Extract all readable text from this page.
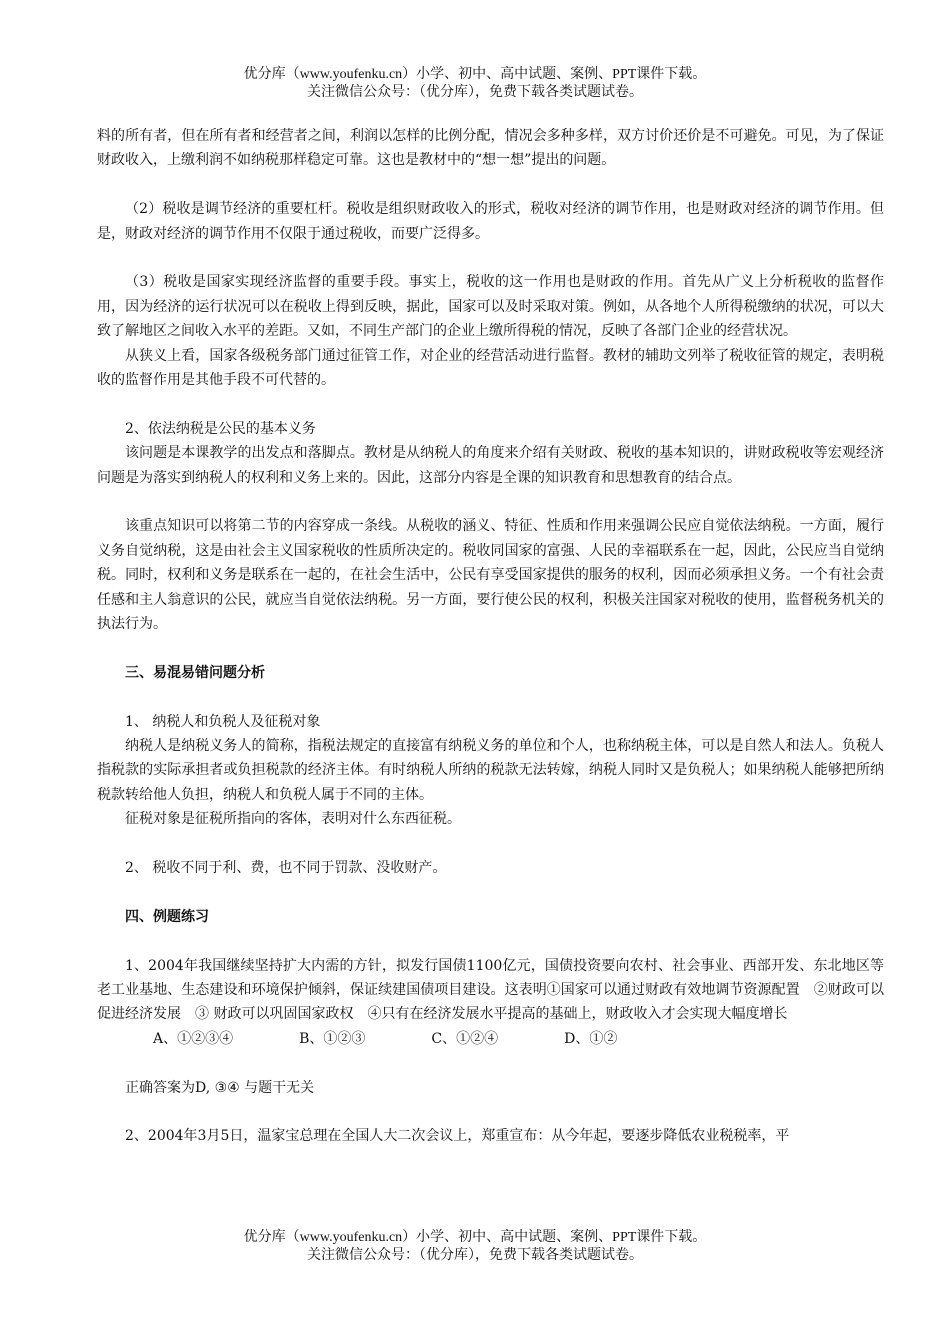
优分库（www.youfenku.cn）小学、初中、高中试题、案例、PPT课件下载。
关注微信公众号：（优分库），免费下载各类试题试卷。

料的所有者，但在所有者和经营者之间，利润以怎样的比例分配，情况会多种多样，双方讨价还价是不可避免。可见，为了保证财政收入，上缴利润不如纳税那样稳定可靠。这也是教材中的“想一想”提出的问题。

（2）税收是调节经济的重要杠杆。税收是组织财政收入的形式，税收对经济的调节作用，也是财政对经济的调节作用。但是，财政对经济的调节作用不仅限于通过税收，而要广泛得多。

（3）税收是国家实现经济监督的重要手段。事实上，税收的这一作用也是财政的作用。首先从广义上分析税收的监督作用，因为经济的运行状况可以在税收上得到反映，据此，国家可以及时采取对策。例如，从各地个人所得税缴纳的状况，可以大致了解地区之间收入水平的差距。又如，不同生产部门的企业上缴所得税的情况，反映了各部门企业的经营状况。

从狭义上看，国家各级税务部门通过征管工作，对企业的经营活动进行监督。教材的辅助文列举了税收征管的规定，表明税收的监督作用是其他手段不可代替的。

2、依法纳税是公民的基本义务

该问题是本课教学的出发点和落脚点。教材是从纳税人的角度来介绍有关财政、税收的基本知识的，讲财政税收等宏观经济问题是为落实到纳税人的权利和义务上来的。因此，这部分内容是全课的知识教育和思想教育的结合点。

该重点知识可以将第二节的内容穿成一条线。从税收的涵义、特征、性质和作用来强调公民应自觉依法纳税。一方面，履行义务自觉纳税，这是由社会主义国家税收的性质所决定的。税收同国家的富强、人民的幸福联系在一起，因此，公民应当自觉纳税。同时，权利和义务是联系在一起的，在社会生活中，公民有享受国家提供的服务的权利，因而必须承担义务。一个有社会责任感和主人翁意识的公民，就应当自觉依法纳税。另一方面，要行使公民的权利，积极关注国家对税收的使用，监督税务机关的执法行为。

三、易混易错问题分析

1、 纳税人和负税人及征税对象

纳税人是纳税义务人的简称，指税法规定的直接富有纳税义务的单位和个人，也称纳税主体，可以是自然人和法人。负税人指税款的实际承担者或负担税款的经济主体。有时纳税人所纳的税款无法转嫁，纳税人同时又是负税人；如果纳税人能够把所纳税款转给他人负担，纳税人和负税人属于不同的主体。

征税对象是征税所指向的客体，表明对什么东西征税。

2、 税收不同于利、费，也不同于罚款、没收财产。

四、例题练习

1、2004年我国继续坚持扩大内需的方针，拟发行国债1100亿元，国债投资要向农村、社会事业、西部开发、东北地区等老工业基地、生态建设和环境保护倾斜，保证续建国债项目建设。这表明①国家可以通过财政有效地调节资源配置　②财政可以促进经济发展　③ 财政可以巩固国家政权　④只有在经济发展水平提高的基础上，财政收入才会实现大幅度增长

A、①②③④	B、①②③	C、①②④	D、①②

正确答案为D, ③④ 与题干无关

2、2004年3月5日，温家宝总理在全国人大二次会议上，郑重宣布：从今年起，要逐步降低农业税税率，平

优分库（www.youfenku.cn）小学、初中、高中试题、案例、PPT课件下载。
关注微信公众号：（优分库），免费下载各类试题试卷。
